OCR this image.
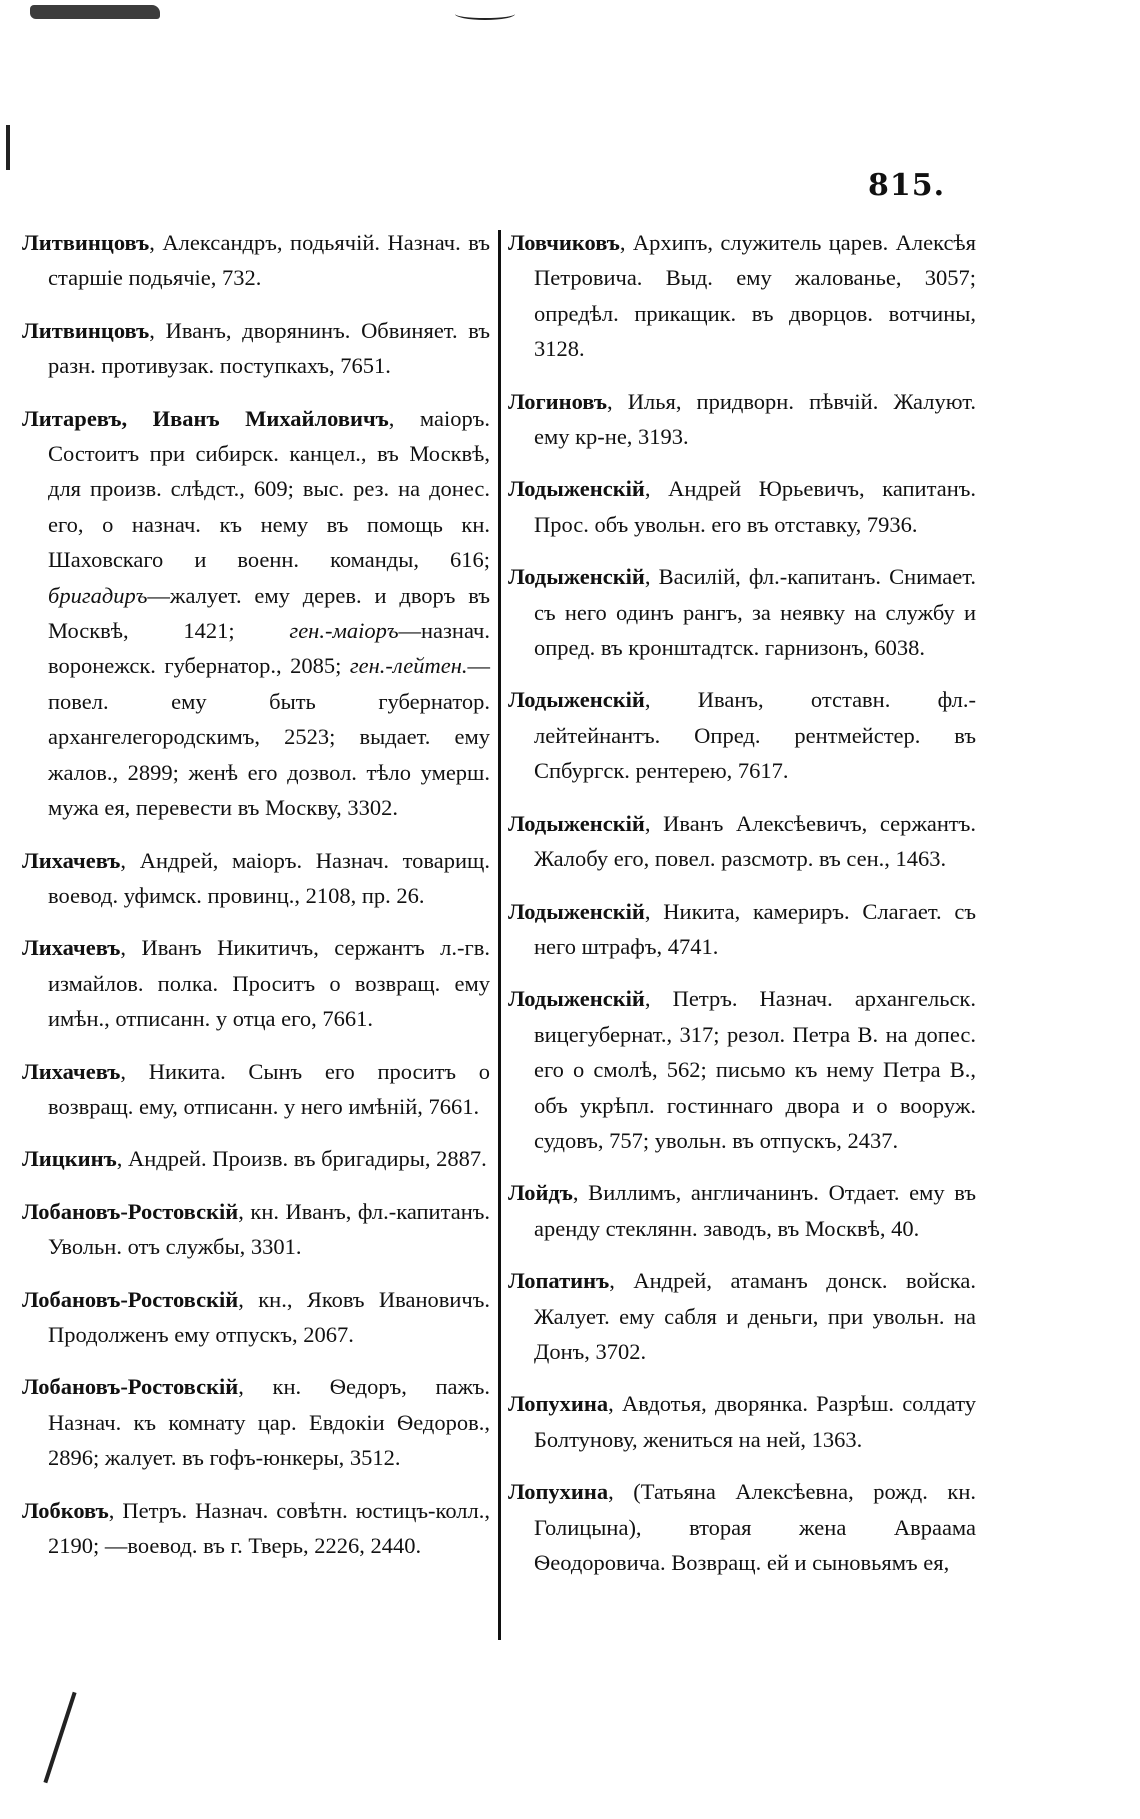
815.

Литвинцовъ, Александръ, подьячій. Назнач. въ старшіе подьячіе, 732.

Литвинцовъ, Иванъ, дворянинъ. Обвиняет. въ разн. противузак. поступкахъ, 7651.

Литаревъ, Иванъ Михайловичъ, маіоръ. Состоитъ при сибирск. канцел., въ Москвѣ, для произв. слѣдст., 609; выс. рез. на донес. его, о назнач. къ нему въ помощь кн. Шаховскаго и военн. команды, 616; бригадиръ—жалует. ему дерев. и дворъ въ Москвѣ, 1421; ген.-маіоръ—назнач. воронежск. губернатор., 2085; ген.-лейтен.—повел. ему быть губернатор. архангелегородскимъ, 2523; выдает. ему жалов., 2899; женѣ его дозвол. тѣло умерш. мужа ея, перевести въ Москву, 3302.

Лихачевъ, Андрей, маіоръ. Назнач. товарищ. воевод. уфимск. провинц., 2108, пр. 26.

Лихачевъ, Иванъ Никитичъ, сержантъ л.-гв. измайлов. полка. Проситъ о возвращ. ему имѣн., отписанн. у отца его, 7661.

Лихачевъ, Никита. Сынъ его проситъ о возвращ. ему, отписанн. у него имѣній, 7661.

Лицкинъ, Андрей. Произв. въ бригадиры, 2887.

Лобановъ-Ростовскій, кн. Иванъ, фл.-капитанъ. Увольн. отъ службы, 3301.

Лобановъ-Ростовскій, кн., Яковъ Ивановичъ. Продолженъ ему отпускъ, 2067.

Лобановъ-Ростовскій, кн. Ѳедоръ, пажъ. Назнач. къ комнату цар. Евдокіи Ѳедоров., 2896; жалует. въ гофъ-юнкеры, 3512.

Лобковъ, Петръ. Назнач. совѣтн. юстицъ-колл., 2190; —воевод. въ г. Тверь, 2226, 2440.

Ловчиковъ, Архипъ, служитель царев. Алексѣя Петровича. Выд. ему жалованье, 3057; опредѣл. прикащик. въ дворцов. вотчины, 3128.

Логиновъ, Илья, придворн. пѣвчій. Жалуют. ему кр-не, 3193.

Лодыженскій, Андрей Юрьевичъ, капитанъ. Прос. объ увольн. его въ отставку, 7936.

Лодыженскій, Василій, фл.-капитанъ. Снимает. съ него одинъ рангъ, за неявку на службу и опред. въ кронштадтск. гарнизонъ, 6038.

Лодыженскій, Иванъ, отставн. фл.-лейтейнантъ. Опред. рентмейстер. въ Спбургск. рентерею, 7617.

Лодыженскій, Иванъ Алексѣевичъ, сержантъ. Жалобу его, повел. разсмотр. въ сен., 1463.

Лодыженскій, Никита, камериръ. Слагает. съ него штрафъ, 4741.

Лодыженскій, Петръ. Назнач. архангельск. вицегубернат., 317; резол. Петра В. на допес. его о смолѣ, 562; письмо къ нему Петра В., объ укрѣпл. гостиннаго двора и о вооруж. судовъ, 757; увольн. въ отпускъ, 2437.

Лойдъ, Виллимъ, англичанинъ. Отдает. ему въ аренду стеклянн. заводъ, въ Москвѣ, 40.

Лопатинъ, Андрей, атаманъ донск. войска. Жалует. ему сабля и деньги, при увольн. на Донъ, 3702.

Лопухина, Авдотья, дворянка. Разрѣш. солдату Болтунову, жениться на ней, 1363.

Лопухина, (Татьяна Алексѣевна, рожд. кн. Голицына), вторая жена Авраама Ѳеодоровича. Возвращ. ей и сыновьямъ ея,
